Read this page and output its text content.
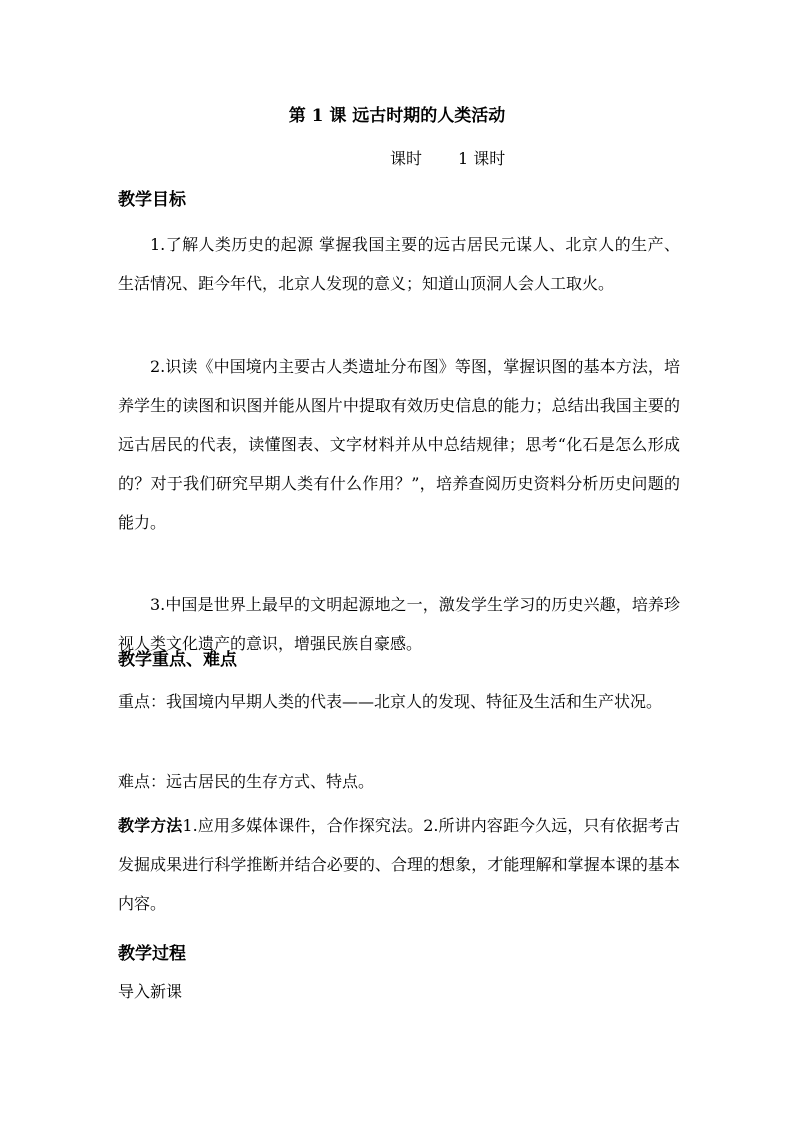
第 1 课 远古时期的人类活动
课时 1 课时
教学目标
1.了解人类历史的起源 掌握我国主要的远古居民元谋人、北京人的生产、生活情况、距今年代，北京人发现的意义；知道山顶洞人会人工取火。
2.识读《中国境内主要古人类遗址分布图》等图，掌握识图的基本方法，培养学生的读图和识图并能从图片中提取有效历史信息的能力；总结出我国主要的远古居民的代表，读懂图表、文字材料并从中总结规律；思考“化石是怎么形成的？对于我们研究早期人类有什么作用？”，培养查阅历史资料分析历史问题的能力。
3.中国是世界上最早的文明起源地之一，激发学生学习的历史兴趣，培养珍视人类文化遗产的意识，增强民族自豪感。
教学重点、难点
重点：我国境内早期人类的代表——北京人的发现、特征及生活和生产状况。
难点：远古居民的生存方式、特点。
教学方法1.应用多媒体课件，合作探究法。2.所讲内容距今久远，只有依据考古发掘成果进行科学推断并结合必要的、合理的想象，才能理解和掌握本课的基本内容。
教学过程
导入新课
